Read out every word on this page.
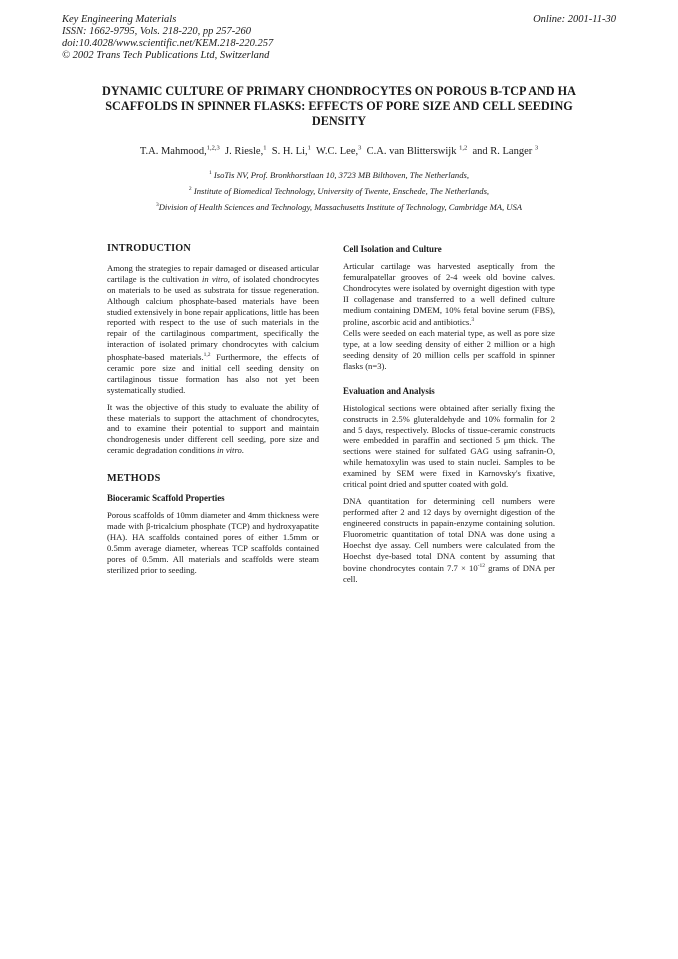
Key Engineering Materials
ISSN: 1662-9795, Vols. 218-220, pp 257-260
doi:10.4028/www.scientific.net/KEM.218-220.257
© 2002 Trans Tech Publications Ltd, Switzerland
Online: 2001-11-30
DYNAMIC CULTURE OF PRIMARY CHONDROCYTES ON POROUS Β-TCP AND HA SCAFFOLDS IN SPINNER FLASKS: EFFECTS OF PORE SIZE AND CELL SEEDING DENSITY
T.A. Mahmood,$^{1,2,3}$ J. Riesle,$^1$ S. H. Li,$^1$ W.C. Lee,$^3$ C.A. van Blitterswijk $^{1,2}$ and R. Langer $^3$
$^1$ IsoTis NV, Prof. Bronkhorstlaan 10, 3723 MB Bilthoven, The Netherlands,
$^2$ Institute of Biomedical Technology, University of Twente, Enschede, The Netherlands,
$^3$Division of Health Sciences and Technology, Massachusetts Institute of Technology, Cambridge MA, USA
INTRODUCTION
Among the strategies to repair damaged or diseased articular cartilage is the cultivation in vitro, of isolated chondrocytes on materials to be used as substrata for tissue regeneration. Although calcium phosphate-based materials have been studied extensively in bone repair applications, little has been reported with respect to the use of such materials in the repair of the cartilaginous compartment, specifically the interaction of isolated primary chondrocytes with calcium phosphate-based materials.$^{1,2}$ Furthermore, the effects of ceramic pore size and initial cell seeding density on cartilaginous tissue formation has also not yet been systematically studied.
It was the objective of this study to evaluate the ability of these materials to support the attachment of chondrocytes, and to examine their potential to support and maintain chondrogenesis under different cell seeding, pore size and ceramic degradation conditions in vitro.
METHODS
Bioceramic Scaffold Properties
Porous scaffolds of 10mm diameter and 4mm thickness were made with β-tricalcium phosphate (TCP) and hydroxyapatite (HA). HA scaffolds contained pores of either 1.5mm or 0.5mm average diameter, whereas TCP scaffolds contained pores of 0.5mm. All materials and scaffolds were steam sterilized prior to seeding.
Cell Isolation and Culture
Articular cartilage was harvested aseptically from the femuralpatellar grooves of 2-4 week old bovine calves. Chondrocytes were isolated by overnight digestion with type II collagenase and transferred to a well defined culture medium containing DMEM, 10% fetal bovine serum (FBS), proline, ascorbic acid and antibiotics.$^3$
Cells were seeded on each material type, as well as pore size type, at a low seeding density of either 2 million or a high seeding density of 20 million cells per scaffold in spinner flasks (n=3).
Evaluation and Analysis
Histological sections were obtained after serially fixing the constructs in 2.5% gluteraldehyde and 10% formalin for 2 and 5 days, respectively. Blocks of tissue-ceramic constructs were embedded in paraffin and sectioned 5 μm thick. The sections were stained for sulfated GAG using safranin-O, while hematoxylin was used to stain nuclei. Samples to be examined by SEM were fixed in Karnovsky's fixative, critical point dried and sputter coated with gold.
DNA quantitation for determining cell numbers were performed after 2 and 12 days by overnight digestion of the engineered constructs in papain-enzyme containing solution. Fluorometric quantitation of total DNA was done using a Hoechst dye assay. Cell numbers were calculated from the Hoechst dye-based total DNA content by assuming that bovine chondrocytes contain $7.7 \times 10^{-12}$ grams of DNA per cell.
